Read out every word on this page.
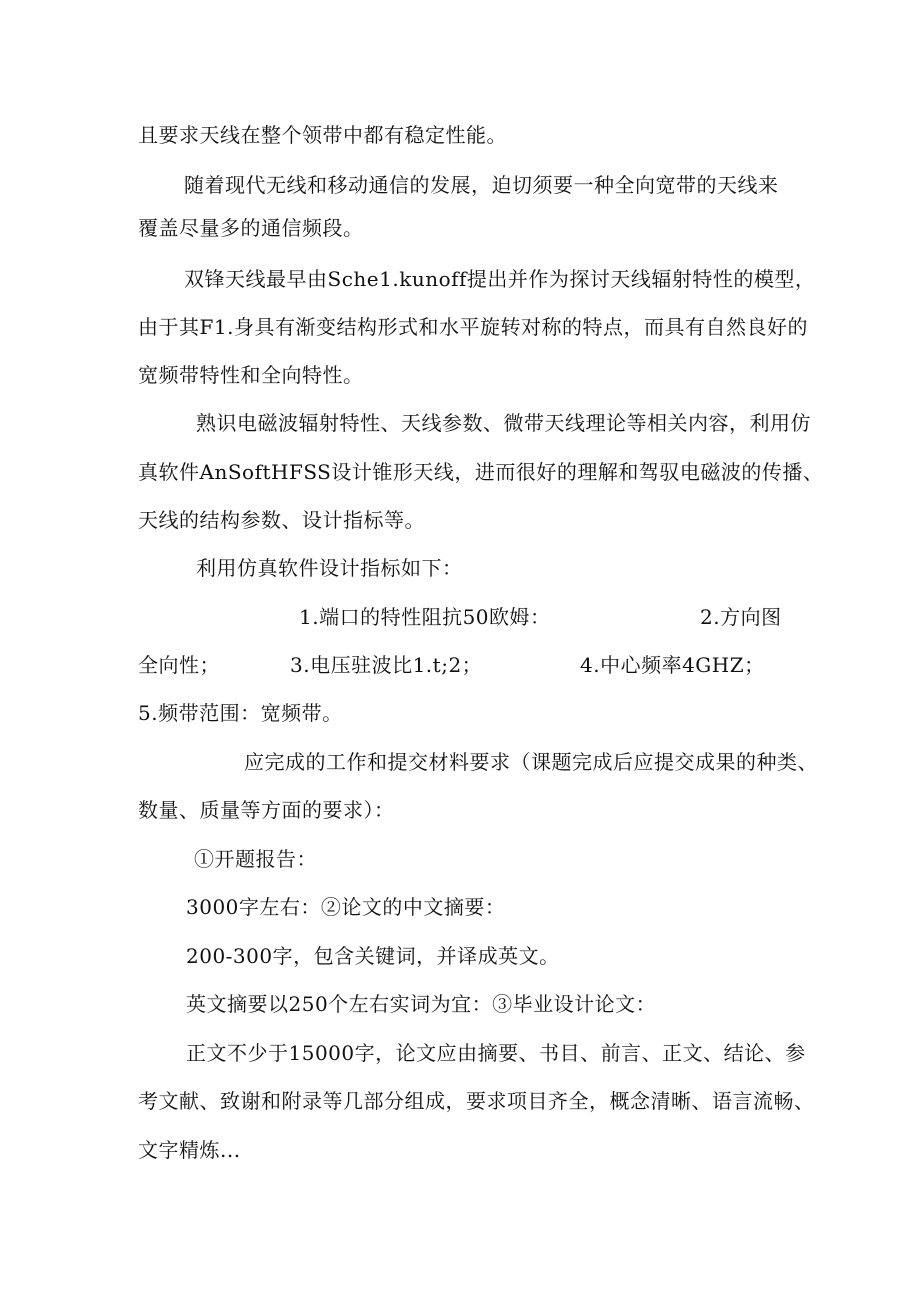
且要求天线在整个领带中都有稳定性能。
随着现代无线和移动通信的发展，迫切须要一种全向宽带的天线来
覆盖尽量多的通信频段。
双锋天线最早由Sche1.kunoff提出并作为探讨天线辐射特性的模型，
由于其F1.身具有渐变结构形式和水平旋转对称的特点，而具有自然良好的
宽频带特性和全向特性。
熟识电磁波辐射特性、天线参数、微带天线理论等相关内容，利用仿
真软件AnSoftHFSS设计锥形天线，进而很好的理解和驾驭电磁波的传播、
天线的结构参数、设计指标等。
利用仿真软件设计指标如下：
1.端口的特性阻抗50欧姆：	2.方向图
全向性；	3.电压驻波比1.t;2；	4.中心频率4GHZ；
5.频带范围：宽频带。
应完成的工作和提交材料要求（课题完成后应提交成果的种类、
数量、质量等方面的要求）：
①开题报告：
3000字左右：②论文的中文摘要：
200-300字，包含关键词，并译成英文。
英文摘要以250个左右实词为宜：③毕业设计论文：
正文不少于15000字，论文应由摘要、书目、前言、正文、结论、参
考文献、致谢和附录等几部分组成，要求项目齐全，概念清晰、语言流畅、
文字精炼...
